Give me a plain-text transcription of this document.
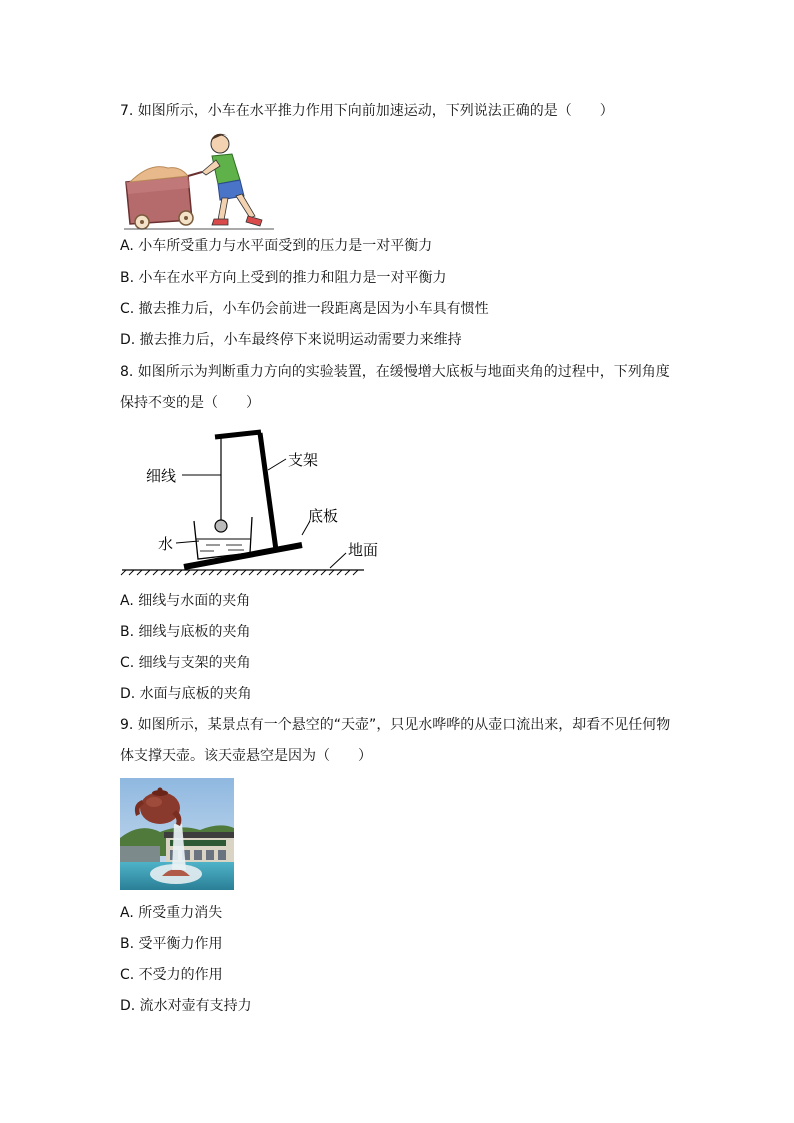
7. 如图所示，小车在水平推力作用下向前加速运动，下列说法正确的是（　　）
A. 小车所受重力与水平面受到的压力是一对平衡力
B. 小车在水平方向上受到的推力和阻力是一对平衡力
C. 撤去推力后，小车仍会前进一段距离是因为小车具有惯性
D. 撤去推力后，小车最终停下来说明运动需要力来维持
8. 如图所示为判断重力方向的实验装置，在缓慢增大底板与地面夹角的过程中，下列角度
保持不变的是（　　）
细线
支架
底板
水	地面
A. 细线与水面的夹角
B. 细线与底板的夹角
C. 细线与支架的夹角
D. 水面与底板的夹角
9. 如图所示，某景点有一个悬空的“天壶”，只见水哗哗的从壶口流出来，却看不见任何物
体支撑天壶。该天壶悬空是因为（　　）
A. 所受重力消失
B. 受平衡力作用
C. 不受力的作用
D. 流水对壶有支持力
